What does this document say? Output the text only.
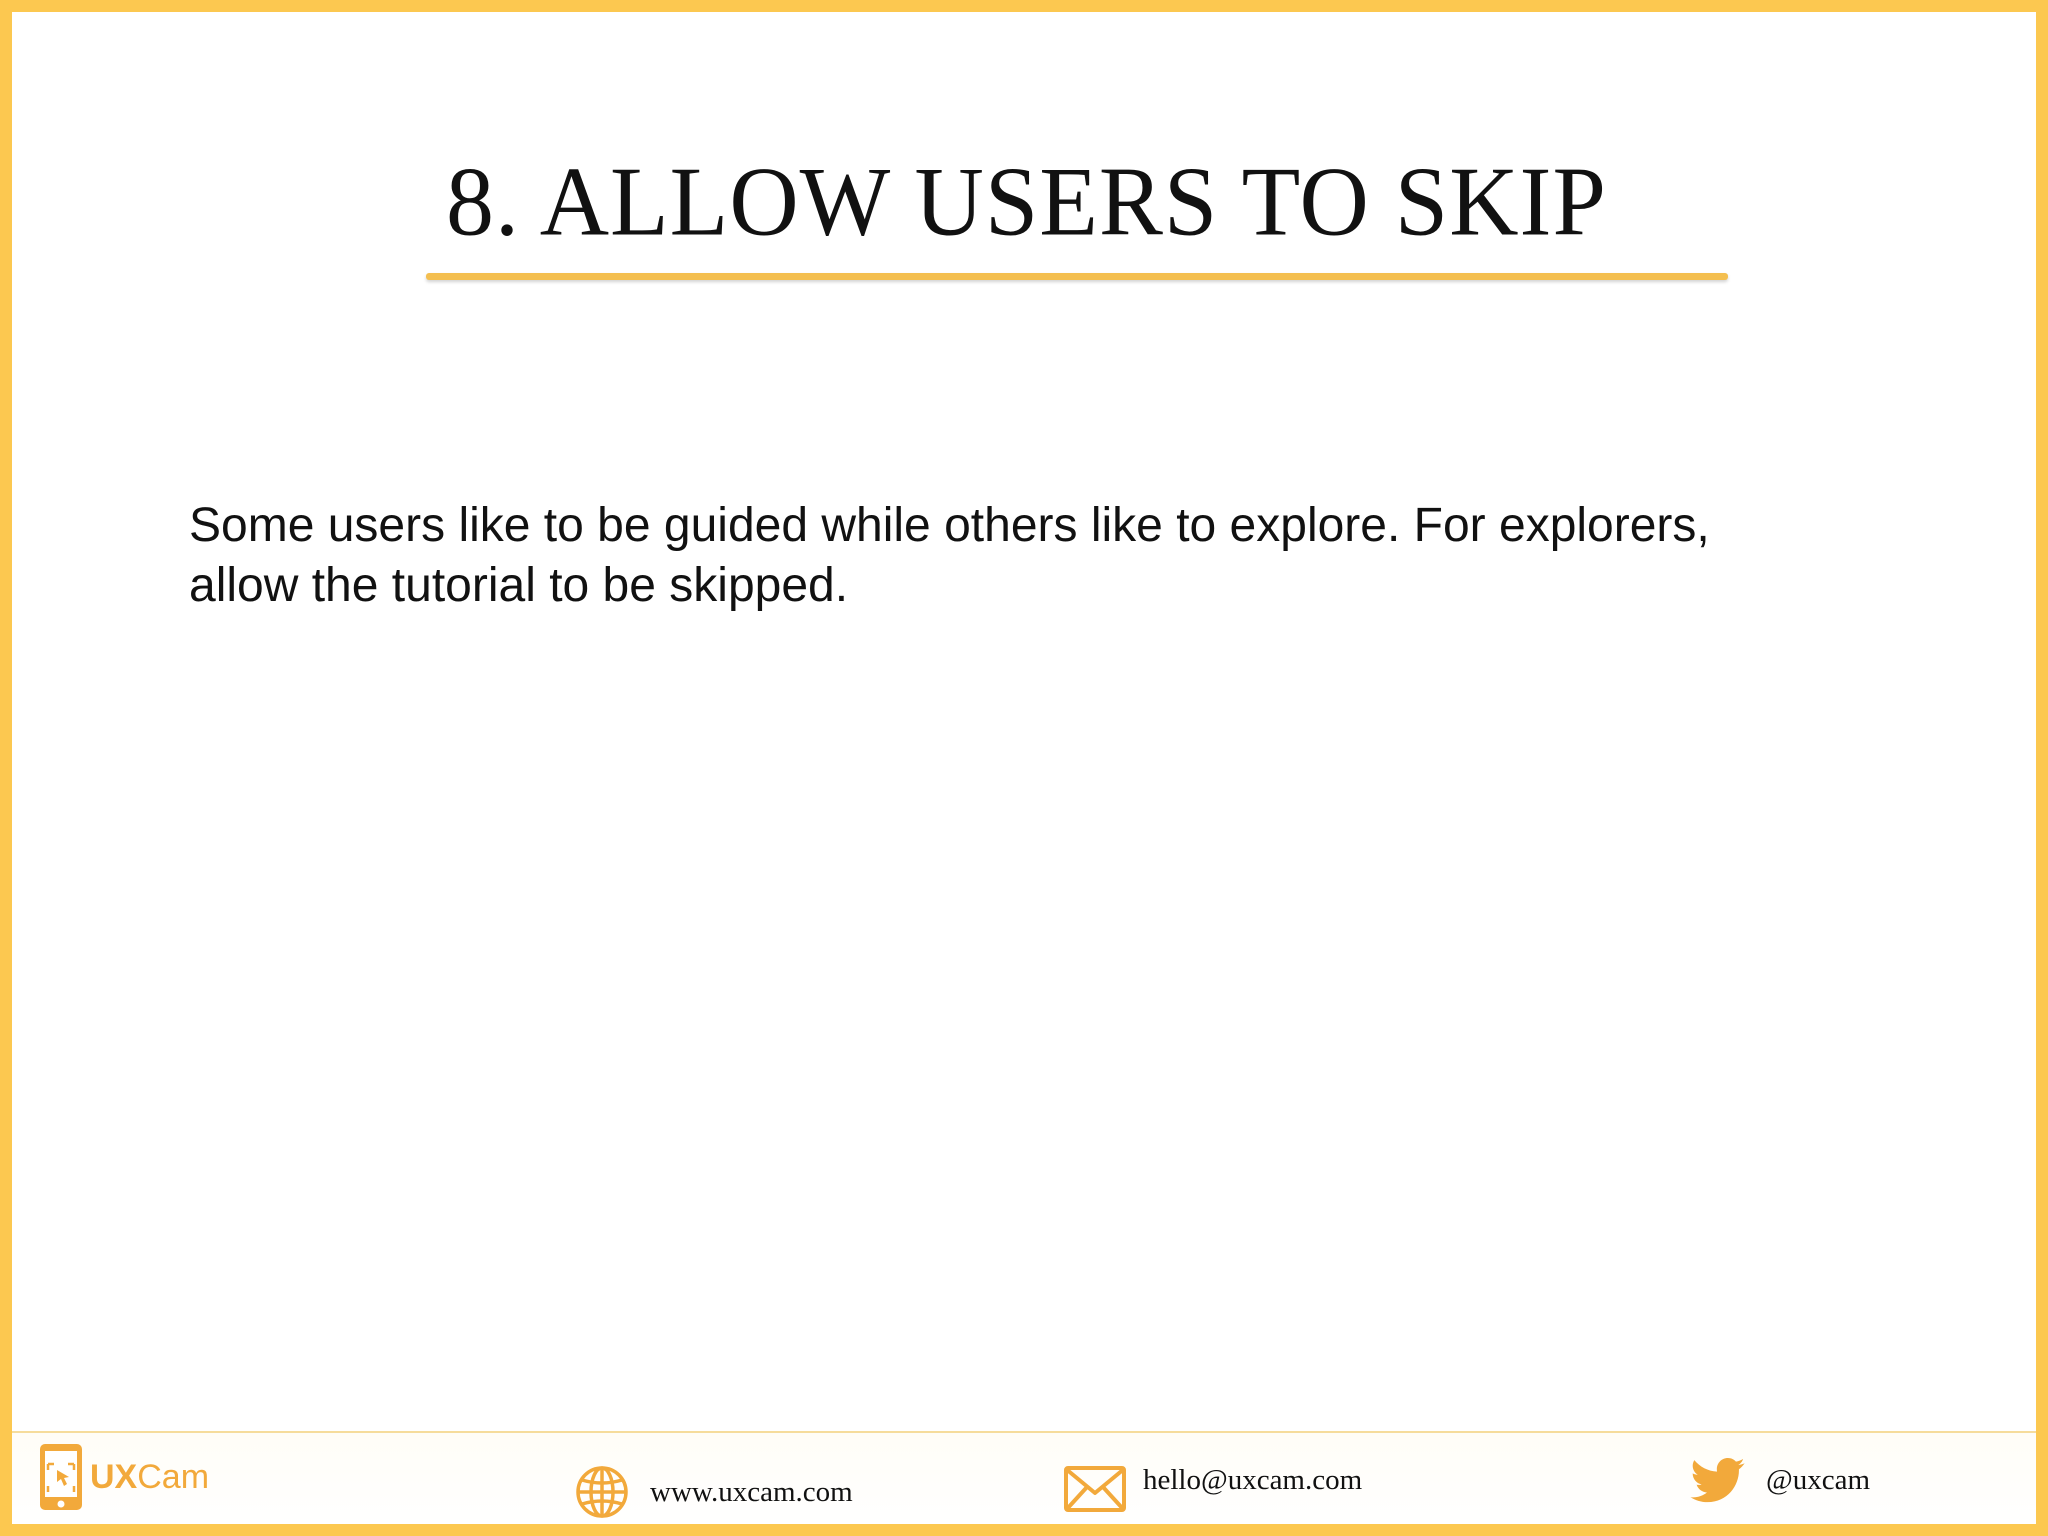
8. ALLOW USERS TO SKIP

Some users like to be guided while others like to explore. For explorers,
allow the tutorial to be skipped.

UXCam	www.uxcam.com	hello@uxcam.com	@uxcam
